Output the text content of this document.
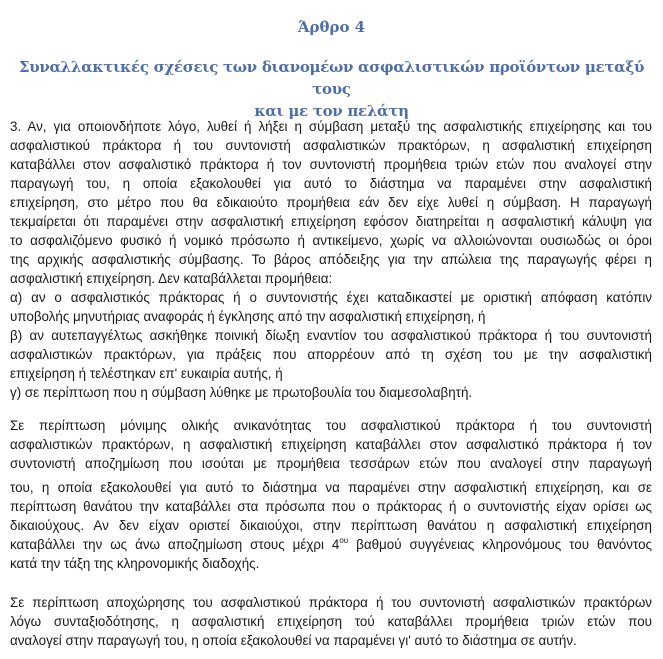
Άρθρο 4
Συναλλακτικές σχέσεις των διανομέων ασφαλιστικών προϊόντων μεταξύ τους
και με τον πελάτη
3. Αν, για οποιονδήποτε λόγο, λυθεί ή λήξει η σύμβαση μεταξύ της ασφαλιστικής επιχείρησης και του
ασφαλιστικού πράκτορα ή του συντονιστή ασφαλιστικών πρακτόρων, η ασφαλιστική επιχείρηση
καταβάλλει στον ασφαλιστικό πράκτορα ή τον συντονιστή προμήθεια τριών ετών που αναλογεί στην
παραγωγή του, η οποία εξακολουθεί για αυτό το διάστημα να παραμένει στην ασφαλιστική
επιχείρηση, στο μέτρο που θα εδικαιούτο προμήθεια εάν δεν είχε λυθεί η σύμβαση. Η παραγωγή
τεκμαίρεται ότι παραμένει στην ασφαλιστική επιχείρηση εφόσον διατηρείται η ασφαλιστική κάλυψη για
το ασφαλιζόμενο φυσικό ή νομικό πρόσωπο ή αντικείμενο, χωρίς να αλλοιώνονται ουσιωδώς οι όροι
της αρχικής ασφαλιστικής σύμβασης. Το βάρος απόδειξης για την απώλεια της παραγωγής φέρει η
ασφαλιστική επιχείρηση. Δεν καταβάλλεται προμήθεια:
α) αν ο ασφαλιστικός πράκτορας ή ο συντονιστής έχει καταδικαστεί με οριστική απόφαση κατόπιν
υποβολής μηνυτήριας αναφοράς ή έγκλησης από την ασφαλιστική επιχείρηση, ή
β) αν αυτεπαγγέλτως ασκήθηκε ποινική δίωξη εναντίον του ασφαλιστικού πράκτορα ή του συντονιστή
ασφαλιστικών πρακτόρων, για πράξεις που απορρέουν από τη σχέση του με την ασφαλιστική
επιχείρηση ή τελέστηκαν επ' ευκαιρία αυτής, ή
γ) σε περίπτωση που η σύμβαση λύθηκε με πρωτοβουλία του διαμεσολαβητή.
Σε περίπτωση μόνιμης ολικής ανικανότητας του ασφαλιστικού πράκτορα ή του συντονιστή
ασφαλιστικών πρακτόρων, η ασφαλιστική επιχείρηση καταβάλλει στον ασφαλιστικό πράκτορα ή τον
συντονιστή αποζημίωση που ισούται με προμήθεια τεσσάρων ετών που αναλογεί στην παραγωγή
του, η οποία εξακολουθεί για αυτό το διάστημα να παραμένει στην ασφαλιστική επιχείρηση, και σε
περίπτωση θανάτου την καταβάλλει στα πρόσωπα που ο πράκτορας ή ο συντονιστής είχαν ορίσει ως
δικαιούχους. Αν δεν είχαν οριστεί δικαιούχοι, στην περίπτωση θανάτου η ασφαλιστική επιχείρηση
καταβάλλει την ως άνω αποζημίωση στους μέχρι $4^{o\upsilon}$ βαθμού συγγένειας κληρονόμους του θανόντος
κατά την τάξη της κληρονομικής διαδοχής.
Σε περίπτωση αποχώρησης του ασφαλιστικού πράκτορα ή του συντονιστή ασφαλιστικών πρακτόρων
λόγω συνταξιοδότησης, η ασφαλιστική επιχείρηση τού καταβάλλει προμήθεια τριών ετών που
αναλογεί στην παραγωγή του, η οποία εξακολουθεί να παραμένει γι' αυτό το διάστημα σε αυτήν.
